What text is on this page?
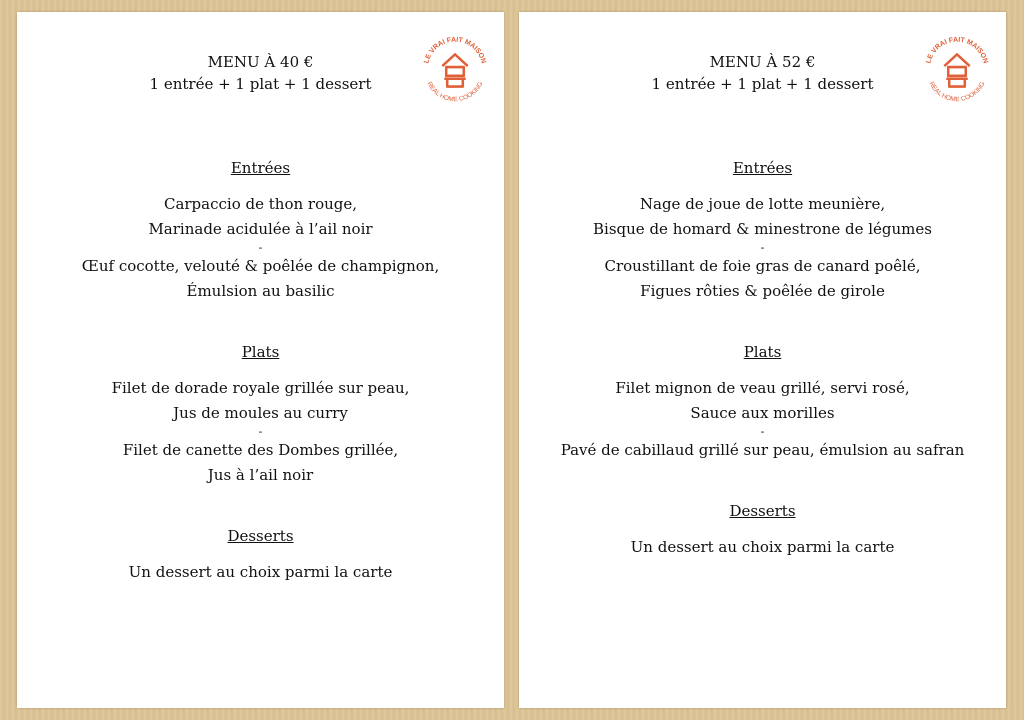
MENU À 40 €
1 entrée + 1 plat + 1 dessert
LE VRAI FAIT MAISON
REAL HOME COOKING
Entrées
Carpaccio de thon rouge,
Marinade acidulée à l’ail noir
-
Œuf cocotte, velouté & poêlée de champignon,
Émulsion au basilic
Plats
Filet de dorade royale grillée sur peau,
Jus de moules au curry
-
Filet de canette des Dombes grillée,
Jus à l’ail noir
Desserts
Un dessert au choix parmi la carte
MENU À 52 €
1 entrée + 1 plat + 1 dessert
LE VRAI FAIT MAISON
REAL HOME COOKING
Entrées
Nage de joue de lotte meunière,
Bisque de homard & minestrone de légumes
-
Croustillant de foie gras de canard poêlé,
Figues rôties & poêlée de girole
Plats
Filet mignon de veau grillé, servi rosé,
Sauce aux morilles
-
Pavé de cabillaud grillé sur peau, émulsion au safran
Desserts
Un dessert au choix parmi la carte
